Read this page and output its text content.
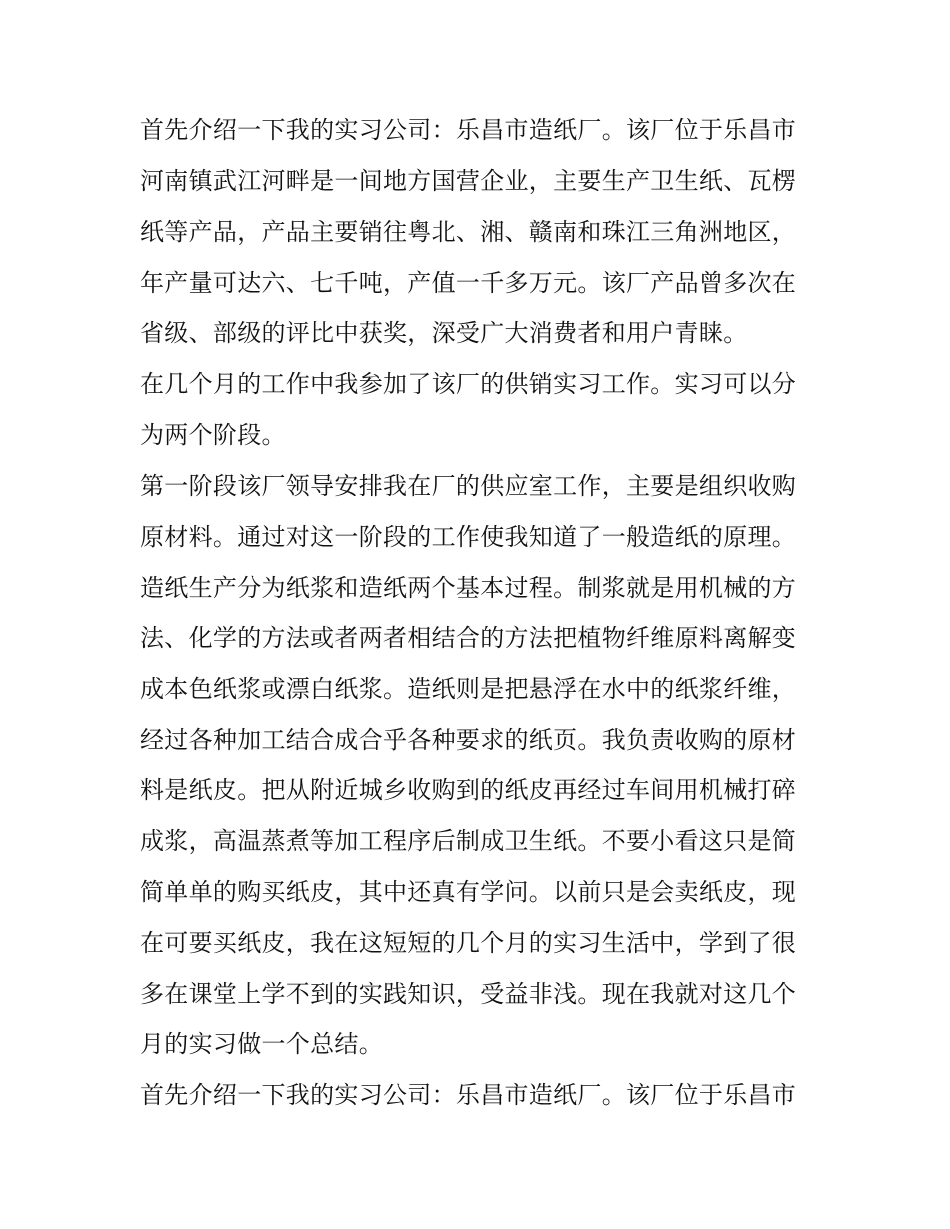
首先介绍一下我的实习公司：乐昌市造纸厂。该厂位于乐昌市
河南镇武江河畔是一间地方国营企业，主要生产卫生纸、瓦楞
纸等产品，产品主要销往粤北、湘、赣南和珠江三角洲地区，
年产量可达六、七千吨，产值一千多万元。该厂产品曾多次在
省级、部级的评比中获奖，深受广大消费者和用户青睐。
在几个月的工作中我参加了该厂的供销实习工作。实习可以分
为两个阶段。
第一阶段该厂领导安排我在厂的供应室工作，主要是组织收购
原材料。通过对这一阶段的工作使我知道了一般造纸的原理。
造纸生产分为纸浆和造纸两个基本过程。制浆就是用机械的方
法、化学的方法或者两者相结合的方法把植物纤维原料离解变
成本色纸浆或漂白纸浆。造纸则是把悬浮在水中的纸浆纤维，
经过各种加工结合成合乎各种要求的纸页。我负责收购的原材
料是纸皮。把从附近城乡收购到的纸皮再经过车间用机械打碎
成浆，高温蒸煮等加工程序后制成卫生纸。不要小看这只是简
简单单的购买纸皮，其中还真有学问。以前只是会卖纸皮，现
在可要买纸皮，我在这短短的几个月的实习生活中，学到了很
多在课堂上学不到的实践知识，受益非浅。现在我就对这几个
月的实习做一个总结。
首先介绍一下我的实习公司：乐昌市造纸厂。该厂位于乐昌市
